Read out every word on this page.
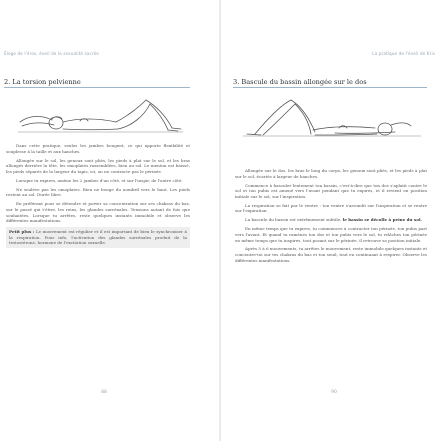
Éloge de l'éros, éveil de la sexualité sacrée
2. La torsion pelvienne

Dans cette pratique, seules les jambes bougent, ce qui apporte flexibilité et souplesse à la taille et aux hanches.

Allongée sur le sol, les genoux sont pliés, les pieds à plat sur le sol, et les bras allongés derrière la tête, les omoplates rassemblées, bien au sol. Le menton est baissé, les pieds séparés de la largeur du tapis, ici, on ne contracte pas le périnée.

Lorsque tu expires, amène les 2 jambes d'un côté, et sur l'inspir, de l'autre côté.

Ne soulève pas les omoplates. Rien ne bouge du nombril vers le haut. Les pieds restent au sol. Durée libre.

En préférant pour se détendre et porter sa concentration sur ses chakras du bas, sur le passé qui t'étire, les reins, les glandes surrénales. Tensions autant de fois que souhaitées. Lorsque tu arrêtes, reste quelques instants immobile et observe les différentes manifestations.

Petit plus : Le mouvement est régulier et il est important de bien le synchroniser à la respiration. Pour info, l'activation des glandes surrénales produit de la testostérone, hormone de l'excitation sexuelle.
88
La pratique de l'éveil de Kris
3. Bascule du bassin allongée sur le dos

Allongée sur le dos, les bras le long du corps, les genoux sont pliés, et les pieds à plat sur le sol, écartés à largeur de hanches.

Commence à basculer lentement ton bassin, c'est-à-dire que ton dos s'aplatit contre le sol et ton pubis est amené vers l'avant pendant que tu expires, et il revient en position initiale sur le sol, sur l'inspiration.

La respiration se fait par le ventre : ton ventre s'arrondit sur l'inspiration et se rentre sur l'expiration.

La bascule du bassin est extrêmement subtile, le bassin se décolle à peine du sol.

En même temps que tu expires, tu commences à contracter ton périnée, ton pubis part vers l'avant. Et quand tu ramènes ton dos et ton pubis vers le sol, tu relâches ton périnée en même temps que tu inspires, tout posant sur le périnée, il retrouve sa position initiale.

Après 5 à 6 mouvements, tu arrêtes le mouvement, reste immobile quelques instants et concentre-toi sur tes chakras du bas et ton seuil, tout en continuant à respirer. Observe les différentes manifestations.

90
